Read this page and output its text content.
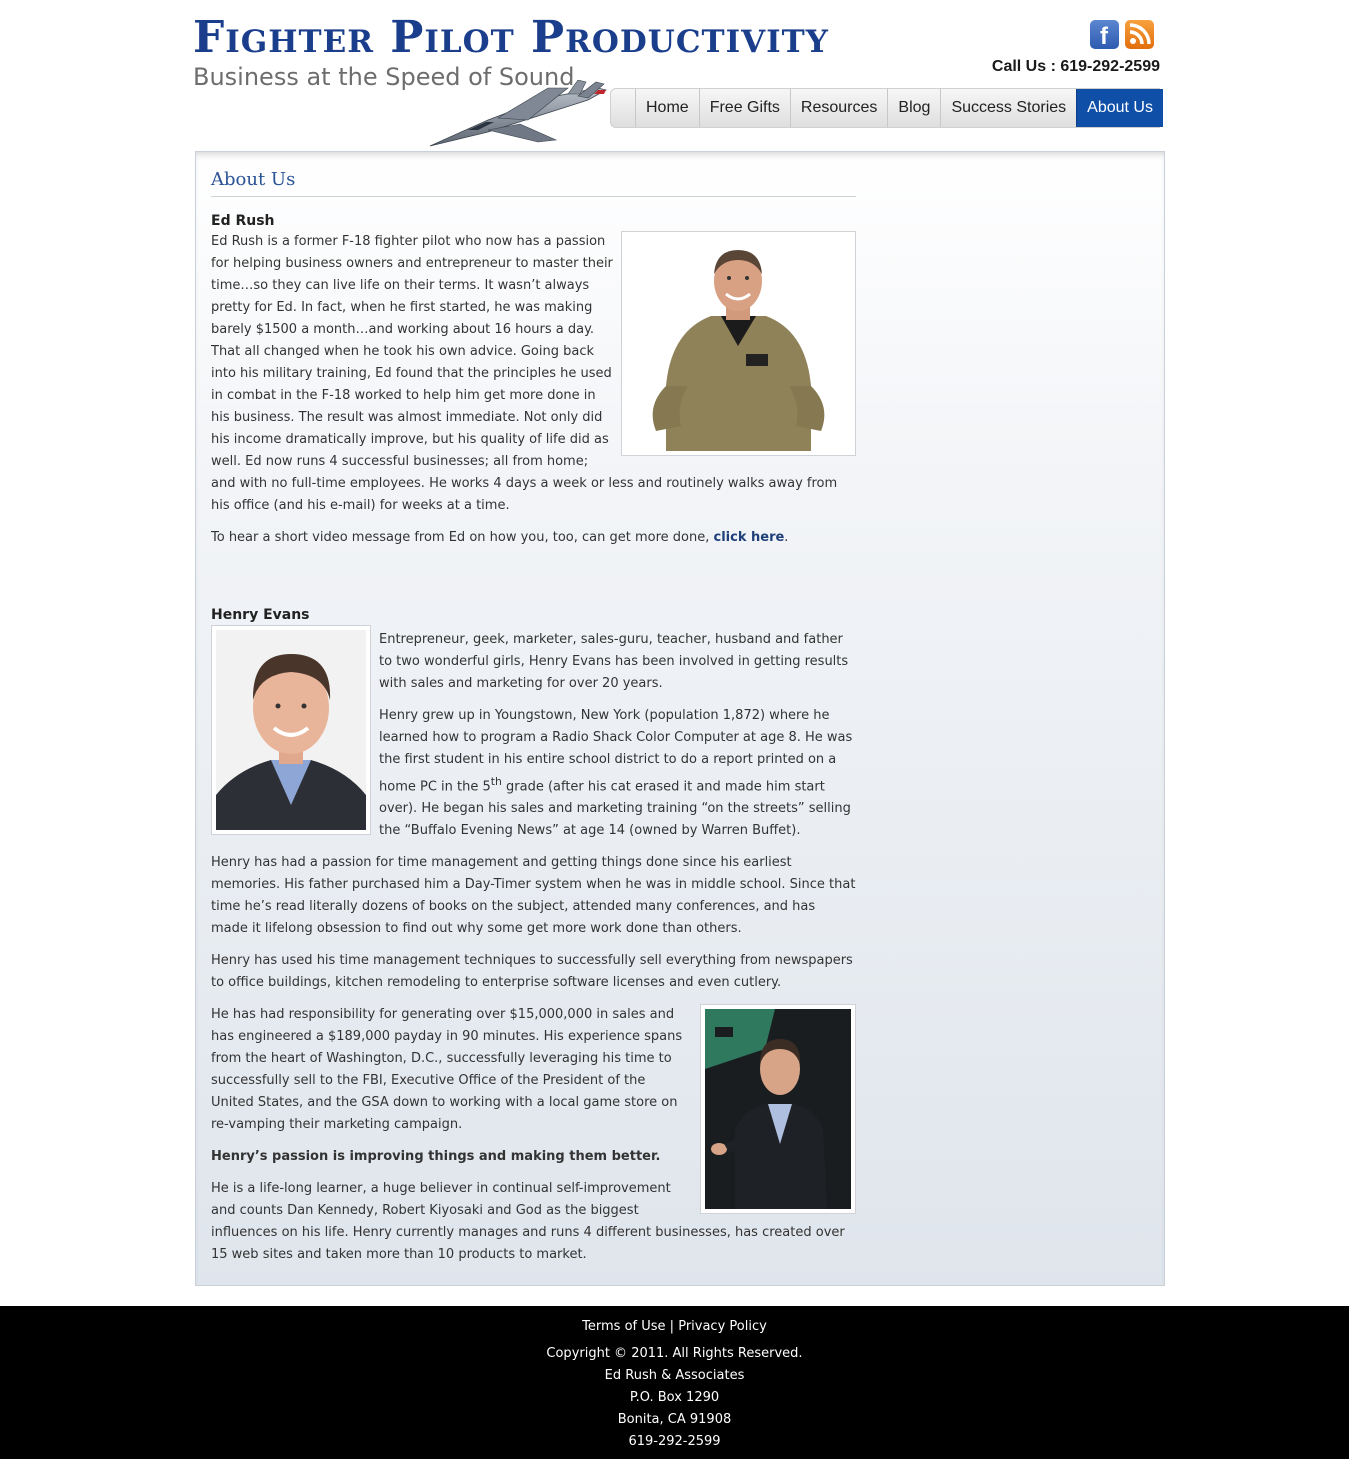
Fighter Pilot Productivity
Business at the Speed of Sound
f
Call Us : 619-292-2599
Home	Free Gifts	Resources	Blog	Success Stories	About Us
About Us
Ed Rush

Ed Rush is a former F-18 fighter pilot who now has a passion for helping business owners and entrepreneur to master their time…so they can live life on their terms. It wasn’t always pretty for Ed. In fact, when he first started, he was making barely $1500 a month…and working about 16 hours a day. That all changed when he took his own advice. Going back into his military training, Ed found that the principles he used in combat in the F-18 worked to help him get more done in his business. The result was almost immediate. Not only did his income dramatically improve, but his quality of life did as well. Ed now runs 4 successful businesses; all from home; and with no full-time employees. He works 4 days a week or less and routinely walks away from his office (and his e-mail) for weeks at a time.

To hear a short video message from Ed on how you, too, can get more done, click here.

Henry Evans

Entrepreneur, geek, marketer, sales-guru, teacher, husband and father to two wonderful girls, Henry Evans has been involved in getting results with sales and marketing for over 20 years.

Henry grew up in Youngstown, New York (population 1,872) where he learned how to program a Radio Shack Color Computer at age 8. He was the first student in his entire school district to do a report printed on a home PC in the 5th grade (after his cat erased it and made him start over). He began his sales and marketing training “on the streets” selling the “Buffalo Evening News” at age 14 (owned by Warren Buffet).

Henry has had a passion for time management and getting things done since his earliest memories. His father purchased him a Day-Timer system when he was in middle school. Since that time he’s read literally dozens of books on the subject, attended many conferences, and has made it lifelong obsession to find out why some get more work done than others.

Henry has used his time management techniques to successfully sell everything from newspapers to office buildings, kitchen remodeling to enterprise software licenses and even cutlery.

He has had responsibility for generating over $15,000,000 in sales and has engineered a $189,000 payday in 90 minutes. His experience spans from the heart of Washington, D.C., successfully leveraging his time to successfully sell to the FBI, Executive Office of the President of the United States, and the GSA down to working with a local game store on re-vamping their marketing campaign.

Henry’s passion is improving things and making them better.

He is a life-long learner, a huge believer in continual self-improvement and counts Dan Kennedy, Robert Kiyosaki and God as the biggest influences on his life. Henry currently manages and runs 4 different businesses, has created over 15 web sites and taken more than 10 products to market.

Terms of Use | Privacy Policy
Copyright © 2011. All Rights Reserved.
Ed Rush & Associates
P.O. Box 1290
Bonita, CA 91908
619-292-2599
